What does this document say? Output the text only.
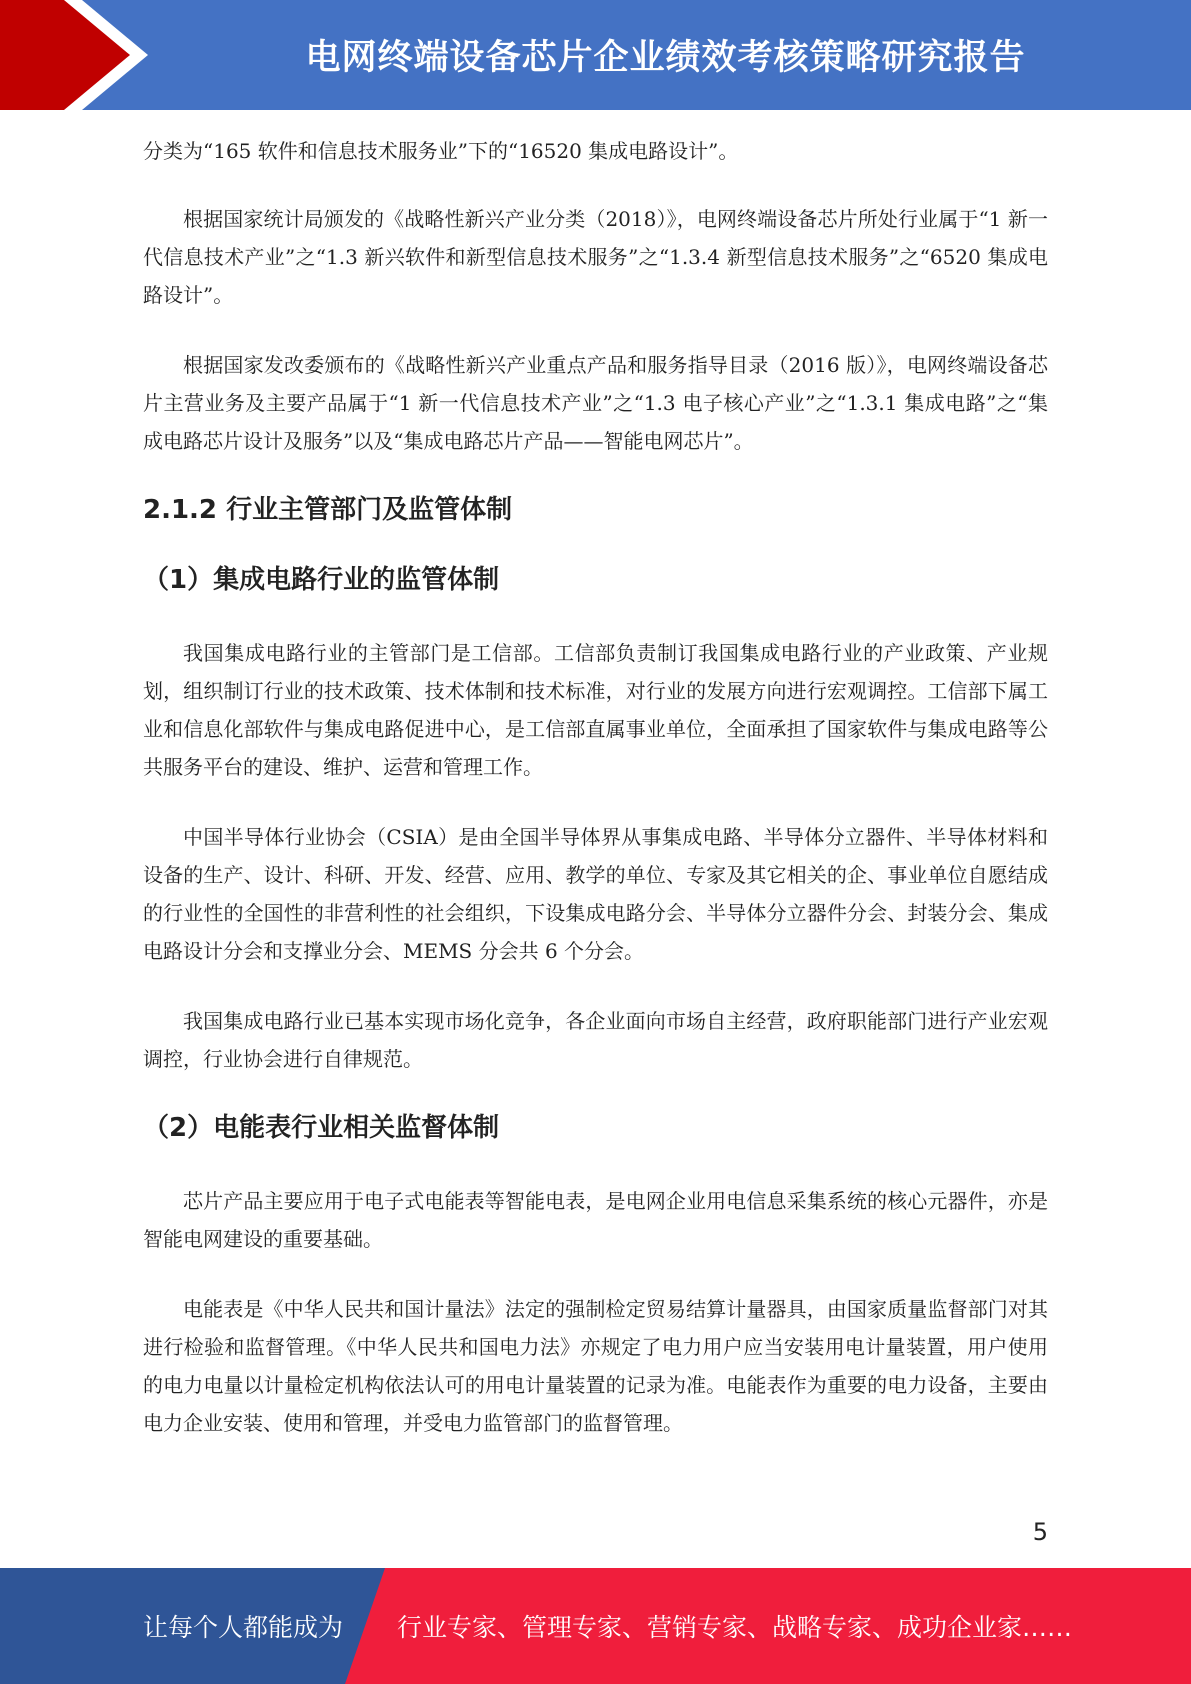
电网终端设备芯片企业绩效考核策略研究报告

分类为“165 软件和信息技术服务业”下的“16520 集成电路设计”。

根据国家统计局颁发的《战略性新兴产业分类（2018）》，电网终端设备芯片所处行业属于“1 新一代信息技术产业”之“1.3 新兴软件和新型信息技术服务”之“1.3.4 新型信息技术服务”之“6520 集成电路设计”。

根据国家发改委颁布的《战略性新兴产业重点产品和服务指导目录（2016 版）》，电网终端设备芯片主营业务及主要产品属于“1 新一代信息技术产业”之“1.3 电子核心产业”之“1.3.1 集成电路”之“集成电路芯片设计及服务”以及“集成电路芯片产品——智能电网芯片”。

2.1.2 行业主管部门及监管体制
（1）集成电路行业的监管体制

我国集成电路行业的主管部门是工信部。工信部负责制订我国集成电路行业的产业政策、产业规划，组织制订行业的技术政策、技术体制和技术标准，对行业的发展方向进行宏观调控。工信部下属工业和信息化部软件与集成电路促进中心，是工信部直属事业单位，全面承担了国家软件与集成电路等公共服务平台的建设、维护、运营和管理工作。

中国半导体行业协会（CSIA）是由全国半导体界从事集成电路、半导体分立器件、半导体材料和设备的生产、设计、科研、开发、经营、应用、教学的单位、专家及其它相关的企、事业单位自愿结成的行业性的全国性的非营利性的社会组织，下设集成电路分会、半导体分立器件分会、封装分会、集成电路设计分会和支撑业分会、MEMS 分会共 6 个分会。

我国集成电路行业已基本实现市场化竞争，各企业面向市场自主经营，政府职能部门进行产业宏观调控，行业协会进行自律规范。

（2）电能表行业相关监督体制

芯片产品主要应用于电子式电能表等智能电表，是电网企业用电信息采集系统的核心元器件，亦是智能电网建设的重要基础。

电能表是《中华人民共和国计量法》法定的强制检定贸易结算计量器具，由国家质量监督部门对其进行检验和监督管理。《中华人民共和国电力法》亦规定了电力用户应当安装用电计量装置，用户使用的电力电量以计量检定机构依法认可的用电计量装置的记录为准。电能表作为重要的电力设备，主要由电力企业安装、使用和管理，并受电力监管部门的监督管理。

5
让每个人都能成为 行业专家、管理专家、营销专家、战略专家、成功企业家……
